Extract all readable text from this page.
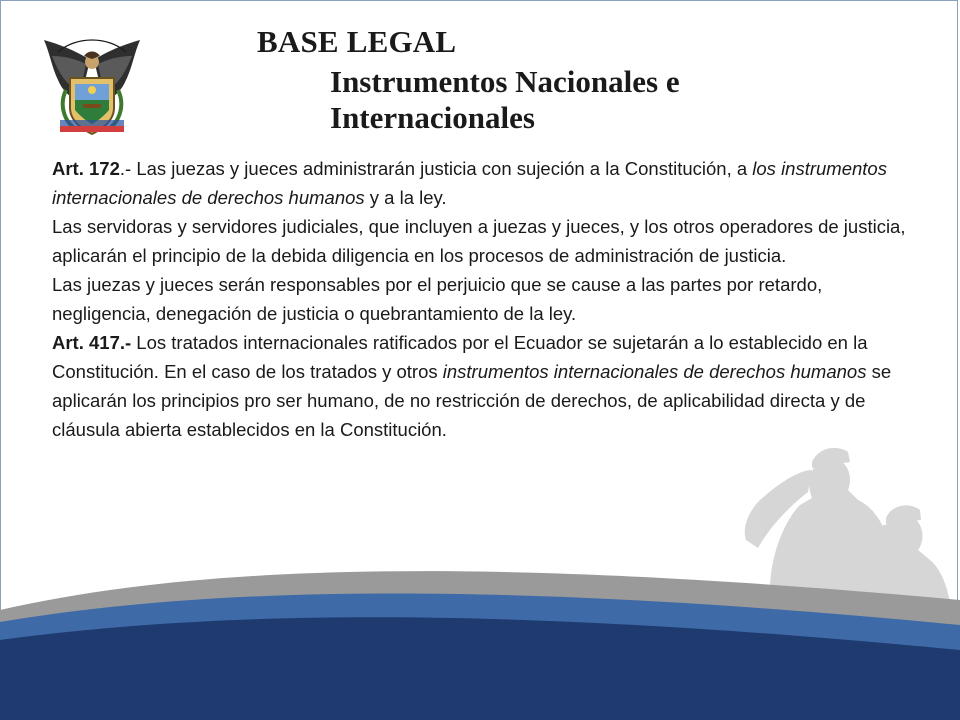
BASE LEGAL
Instrumentos Nacionales e
Internacionales

Art. 172.- Las juezas y jueces administrarán justicia con sujeción a la Constitución, a los instrumentos internacionales de derechos humanos y a la ley.

Las servidoras y servidores judiciales, que incluyen a juezas y jueces, y los otros operadores de justicia, aplicarán el principio de la debida diligencia en los procesos de administración de justicia.

Las juezas y jueces serán responsables por el perjuicio que se cause a las partes por retardo, negligencia, denegación de justicia o quebrantamiento de la ley.

Art. 417.- Los tratados internacionales ratificados por el Ecuador se sujetarán a lo establecido en la Constitución. En el caso de los tratados y otros instrumentos internacionales de derechos humanos se aplicarán los principios pro ser humano, de no restricción de derechos, de aplicabilidad directa y de cláusula abierta establecidos en la Constitución.
